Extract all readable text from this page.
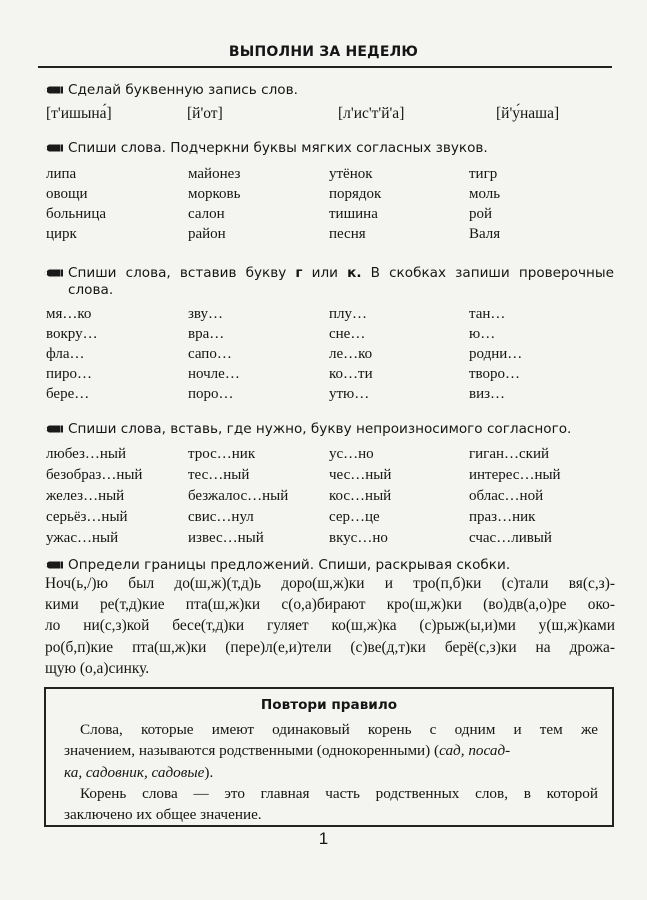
ВЫПОЛНИ ЗА НЕДЕЛЮ
Сделай буквенную запись слов.
[т'ишына́]	[й'от]	[л'ис'т'й'а]	[й'у́наша]
Спиши слова. Подчеркни буквы мягких согласных звуков.
липа	майонез	утёнок	тигр
овощи	морковь	порядок	моль
больница	салон	тишина	рой
цирк	район	песня	Валя
Спиши слова, вставив букву г или к. В скобках запиши проверочные
слова.
мя…ко	зву…	плу…	тан…
вокру…	вра…	сне…	ю…
фла…	сапо…	ле…ко	родни…
пиро…	ночле…	ко…ти	творо…
бере…	поро…	утю…	виз…
Спиши слова, вставь, где нужно, букву непроизносимого согласного.
любез…ный	трос…ник	ус…но	гиган…ский
безобраз…ный	тес…ный	чес…ный	интерес…ный
желез…ный	безжалос…ный	кос…ный	облас…ной
серьёз…ный	свис…нул	сер…це	праз…ник
ужас…ный	извес…ный	вкус…но	счас…ливый
Определи границы предложений. Спиши, раскрывая скобки.
Ноч(ь,/)ю был до(ш,ж)(т,д)ь доро(ш,ж)ки и тро(п,б)ки (с)тали вя(с,з)-
кими ре(т,д)кие пта(ш,ж)ки с(о,а)бирают кро(ш,ж)ки (во)дв(а,о)ре око-
ло ни(с,з)кой бесе(т,д)ки гуляет ко(ш,ж)ка (с)рыж(ы,и)ми у(ш,ж)ками
ро(б,п)кие пта(ш,ж)ки (пере)л(е,и)тели (с)ве(д,т)ки берё(с,з)ки на дрожа-
щую (о,а)синку.
Повтори правило
Слова, которые имеют одинаковый корень с одним и тем же
значением, называются родственными (однокоренными) (сад, посад-
ка, садовник, садовые).
Корень слова — это главная часть родственных слов, в которой
заключено их общее значение.
1
